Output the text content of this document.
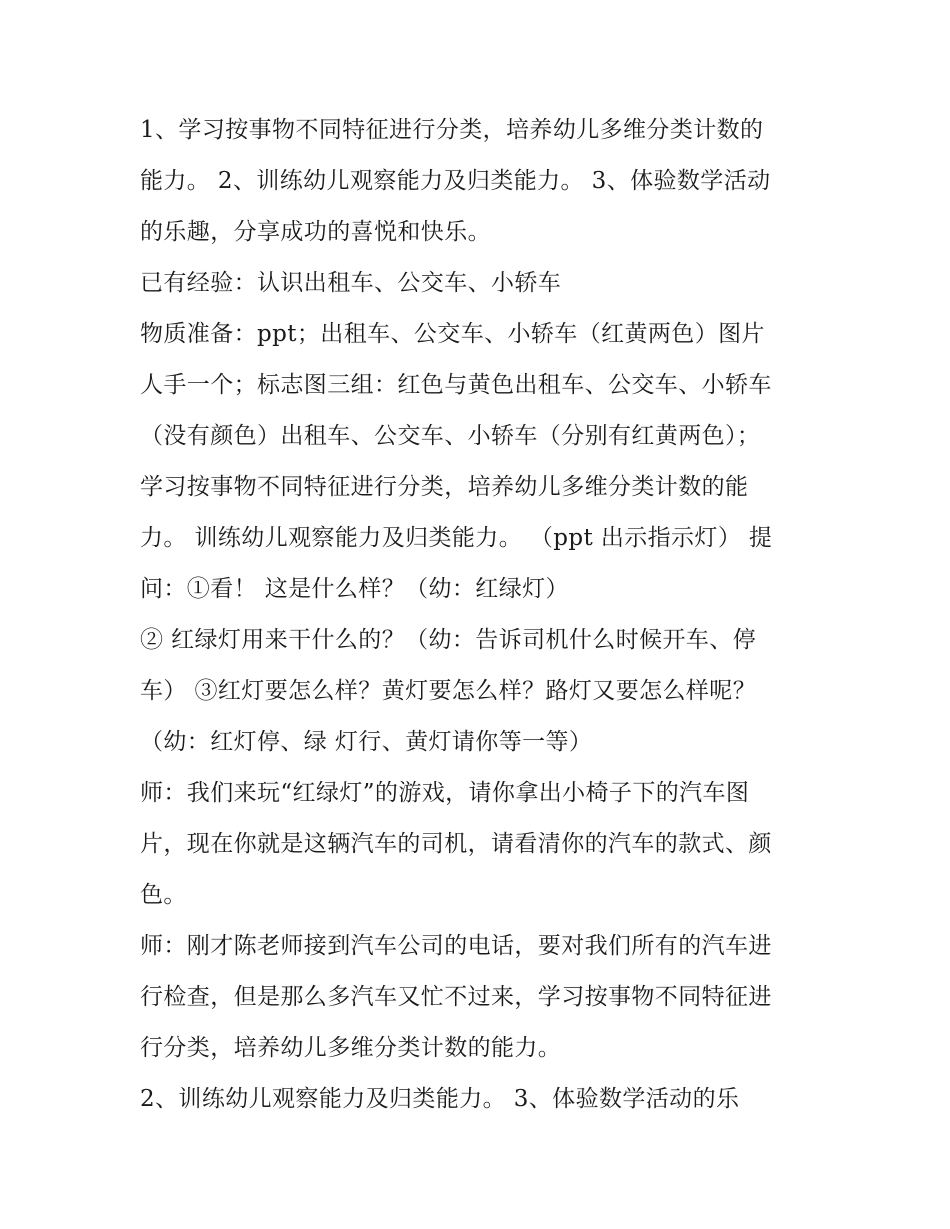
1、学习按事物不同特征进行分类，培养幼儿多维分类计数的
能力。 2、训练幼儿观察能力及归类能力。 3、体验数学活动
的乐趣，分享成功的喜悦和快乐。
已有经验：认识出租车、公交车、小轿车
物质准备：ppt；出租车、公交车、小轿车（红黄两色）图片
人手一个；标志图三组：红色与黄色出租车、公交车、小轿车
（没有颜色）出租车、公交车、小轿车（分别有红黄两色）；
学习按事物不同特征进行分类，培养幼儿多维分类计数的能
力。 训练幼儿观察能力及归类能力。 （ppt 出示指示灯） 提
问：①看！ 这是什么样？（幼：红绿灯）
② 红绿灯用来干什么的？（幼：告诉司机什么时候开车、停
车） ③红灯要怎么样？黄灯要怎么样？路灯又要怎么样呢？
（幼：红灯停、绿 灯行、黄灯请你等一等）
师：我们来玩“红绿灯”的游戏，请你拿出小椅子下的汽车图
片，现在你就是这辆汽车的司机，请看清你的汽车的款式、颜
色。
师：刚才陈老师接到汽车公司的电话，要对我们所有的汽车进
行检查，但是那么多汽车又忙不过来，学习按事物不同特征进
行分类，培养幼儿多维分类计数的能力。
2、训练幼儿观察能力及归类能力。 3、体验数学活动的乐
